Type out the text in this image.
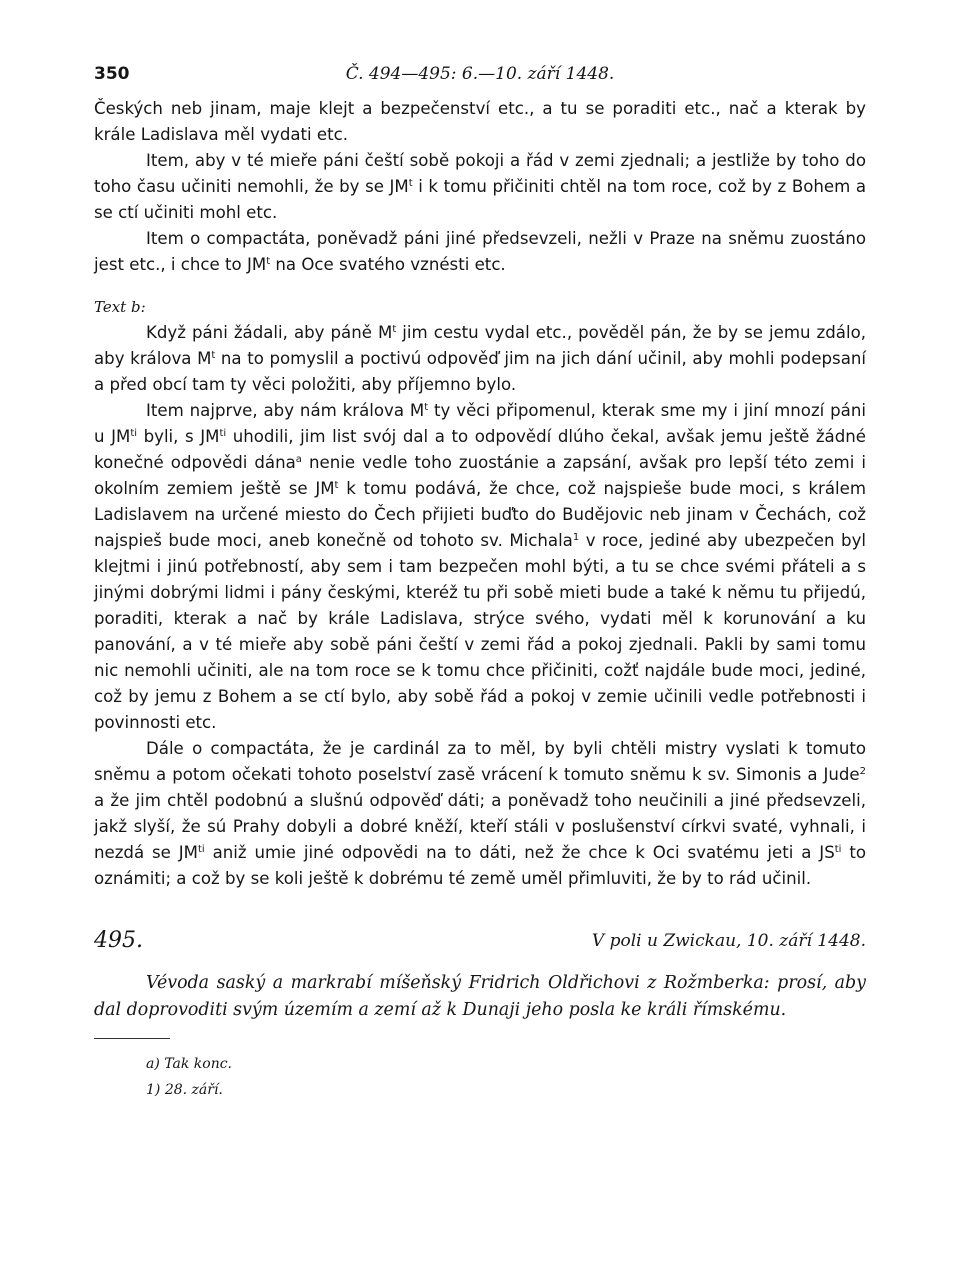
350	Č. 494—495: 6.—10. září 1448.

Českých neb jinam, maje klejt a bezpečenství etc., a tu se poraditi etc., nač a kterak by krále Ladislava měl vydati etc.

Item, aby v té mieře páni čeští sobě pokoji a řád v zemi zjednali; a jestliže by toho do toho času učiniti nemohli, že by se $JM^t$ i k tomu přičiniti chtěl na tom roce, což by z Bohem a se ctí učiniti mohl etc.

Item o compactáta, poněvadž páni jiné předsevzeli, nežli v Praze na sněmu zuostáno jest etc., i chce to $JM^t$ na Oce svatého vznésti etc.

Text b:

Když páni žádali, aby páně $M^t$ jim cestu vydal etc., pověděl pán, že by se jemu zdálo, aby králova $M^t$ na to pomyslil a poctivú odpověď jim na jich dání učinil, aby mohli podepsaní a před obcí tam ty věci položiti, aby příjemno bylo.

Item najprve, aby nám králova $M^t$ ty věci připomenul, kterak sme my i jiní mnozí páni u $JM^{ti}$ byli, s $JM^{ti}$ uhodili, jim list svój dal a to odpovědí dlúho čekal, avšak jemu ještě žádné konečné odpovědi dána$^a$ nenie vedle toho zuostánie a zapsání, avšak pro lepší této zemi i okolním zemiem ještě se $JM^t$ k tomu podává, že chce, což najspieše bude moci, s králem Ladislavem na určené miesto do Čech přijieti buďto do Budějovic neb jinam v Čechách, což najspieš bude moci, aneb konečně od tohoto sv. Michala$^1$ v roce, jediné aby ubezpečen byl klejtmi i jinú potřebností, aby sem i tam bezpečen mohl býti, a tu se chce svémi přáteli a s jinými dobrými lidmi i pány českými, kteréž tu při sobě mieti bude a také k němu tu přijedú, poraditi, kterak a nač by krále Ladislava, strýce svého, vydati měl k korunování a ku panování, a v té mieře aby sobě páni čeští v zemi řád a pokoj zjednali. Pakli by sami tomu nic nemohli učiniti, ale na tom roce se k tomu chce přičiniti, cožť najdále bude moci, jediné, což by jemu z Bohem a se ctí bylo, aby sobě řád a pokoj v zemie učinili vedle potřebnosti i povinnosti etc.

Dále o compactáta, že je cardinál za to měl, by byli chtěli mistry vyslati k tomuto sněmu a potom očekati tohoto poselství zasě vrácení k tomuto sněmu k sv. Simonis a Jude$^2$ a že jim chtěl podobnú a slušnú odpověď dáti; a poněvadž toho neučinili a jiné předsevzeli, jakž slyší, že sú Prahy dobyli a dobré kněží, kteří stáli v poslušenství církvi svaté, vyhnali, i nezdá se $JM^{ti}$ aniž umie jiné odpovědi na to dáti, než že chce k Oci svatému jeti a $JS^{ti}$ to oznámiti; a což by se koli ještě k dobrému té země uměl přimluviti, že by to rád učinil.

495.	V poli u Zwickau, 10. září 1448.
Vévoda saský a markrabí míšeňský Fridrich Oldřichovi z Rožmberka: prosí, aby dal doprovoditi svým územím a zemí až k Dunaji jeho posla ke králi římskému.
a) Tak konc.
1) 28. září.
